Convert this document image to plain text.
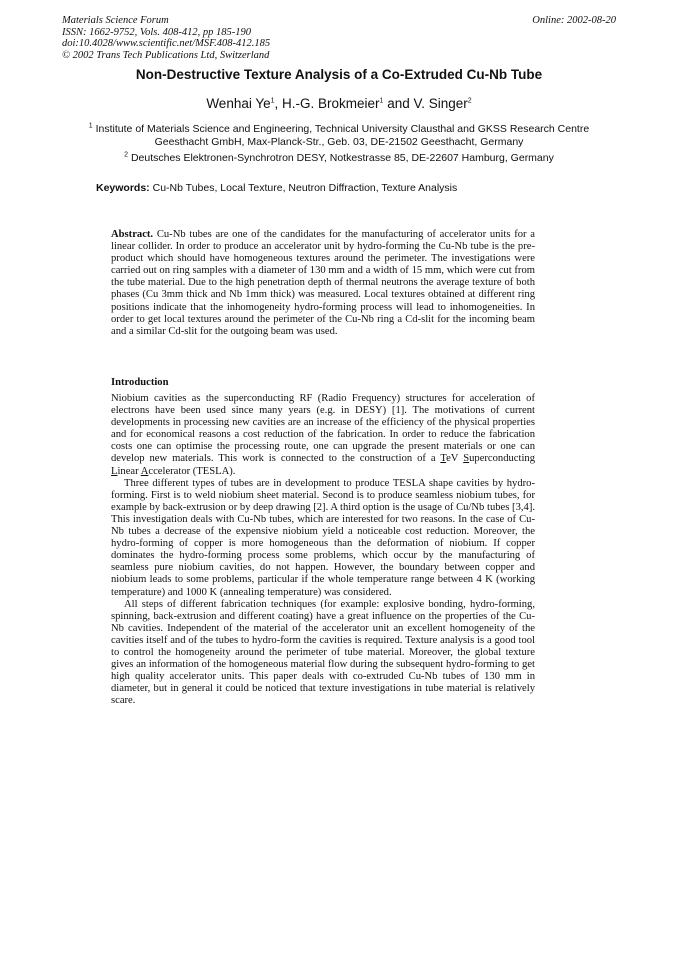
Materials Science Forum
ISSN: 1662-9752, Vols. 408-412, pp 185-190
doi:10.4028/www.scientific.net/MSF.408-412.185
© 2002 Trans Tech Publications Ltd, Switzerland
Online: 2002-08-20
Non-Destructive Texture Analysis of a Co-Extruded Cu-Nb Tube
Wenhai Ye$^1$, H.-G. Brokmeier$^1$ and V. Singer$^2$
$^1$ Institute of Materials Science and Engineering, Technical University Clausthal and GKSS Research Centre Geesthacht GmbH, Max-Planck-Str., Geb. 03, DE-21502 Geesthacht, Germany
$^2$ Deutsches Elektronen-Synchrotron DESY, Notkestrasse 85, DE-22607 Hamburg, Germany
Keywords: Cu-Nb Tubes, Local Texture, Neutron Diffraction, Texture Analysis
Abstract. Cu-Nb tubes are one of the candidates for the manufacturing of accelerator units for a linear collider. In order to produce an accelerator unit by hydro-forming the Cu-Nb tube is the pre-product which should have homogeneous textures around the perimeter. The investigations were carried out on ring samples with a diameter of 130 mm and a width of 15 mm, which were cut from the tube material. Due to the high penetration depth of thermal neutrons the average texture of both phases (Cu 3mm thick and Nb 1mm thick) was measured. Local textures obtained at different ring positions indicate that the inhomogeneity hydro-forming process will lead to inhomogeneities. In order to get local textures around the perimeter of the Cu-Nb ring a Cd-slit for the incoming beam and a similar Cd-slit for the outgoing beam was used.
Introduction

Niobium cavities as the superconducting RF (Radio Frequency) structures for acceleration of electrons have been used since many years (e.g. in DESY) [1]. The motivations of current developments in processing new cavities are an increase of the efficiency of the physical properties and for economical reasons a cost reduction of the fabrication. In order to reduce the fabrication costs one can optimise the processing route, one can upgrade the present materials or one can develop new materials. This work is connected to the construction of a TeV Superconducting Linear Accelerator (TESLA).

Three different types of tubes are in development to produce TESLA shape cavities by hydro-forming. First is to weld niobium sheet material. Second is to produce seamless niobium tubes, for example by back-extrusion or by deep drawing [2]. A third option is the usage of Cu/Nb tubes [3,4]. This investigation deals with Cu-Nb tubes, which are interested for two reasons. In the case of Cu-Nb tubes a decrease of the expensive niobium yield a noticeable cost reduction. Moreover, the hydro-forming of copper is more homogeneous than the deformation of niobium. If copper dominates the hydro-forming process some problems, which occur by the manufacturing of seamless pure niobium cavities, do not happen. However, the boundary between copper and niobium leads to some problems, particular if the whole temperature range between 4 K (working temperature) and 1000 K (annealing temperature) was considered.

All steps of different fabrication techniques (for example: explosive bonding, hydro-forming, spinning, back-extrusion and different coating) have a great influence on the properties of the Cu-Nb cavities. Independent of the material of the accelerator unit an excellent homogeneity of the cavities itself and of the tubes to hydro-form the cavities is required. Texture analysis is a good tool to control the homogeneity around the perimeter of tube material. Moreover, the global texture gives an information of the homogeneous material flow during the subsequent hydro-forming to get high quality accelerator units. This paper deals with co-extruded Cu-Nb tubes of 130 mm in diameter, but in general it could be noticed that texture investigations in tube material is relatively scare.
